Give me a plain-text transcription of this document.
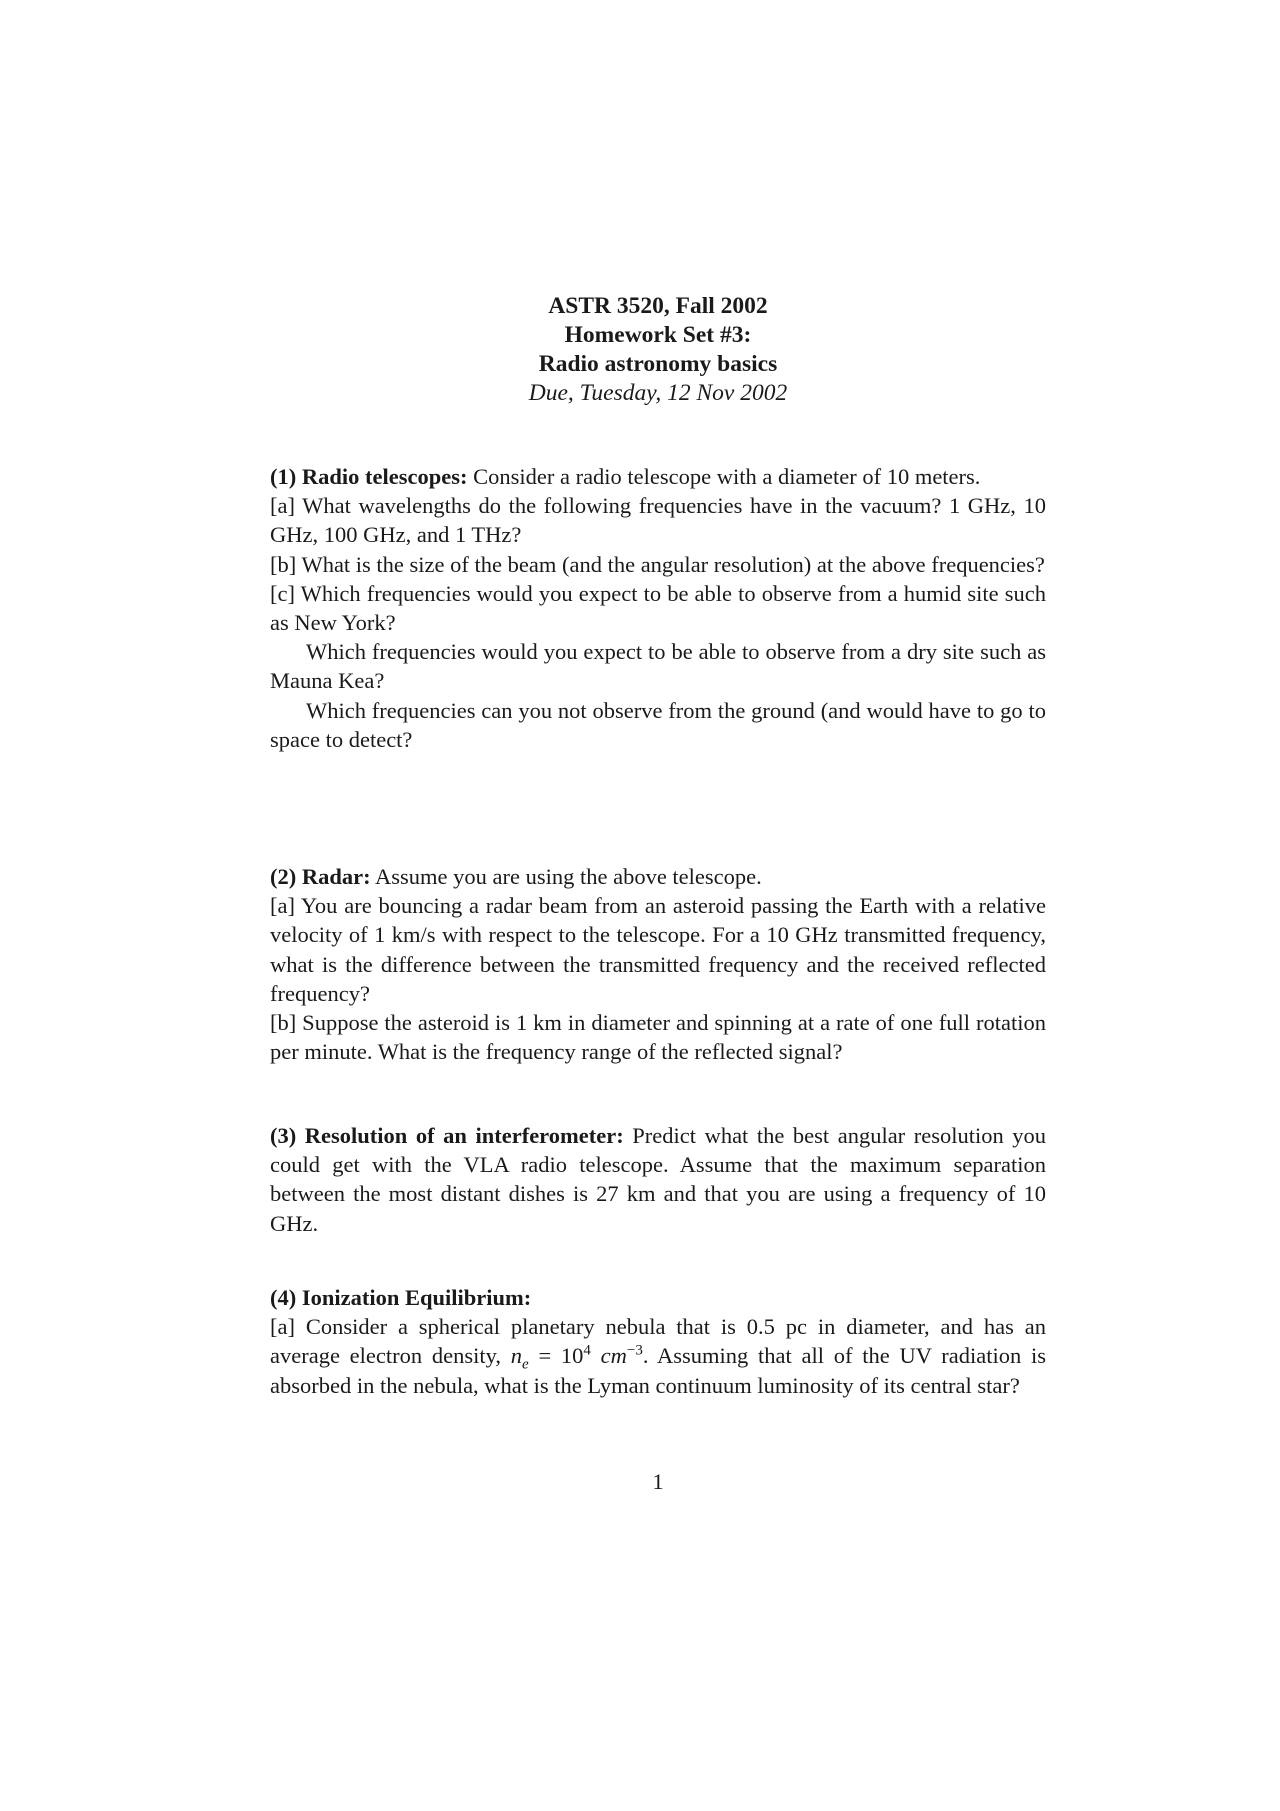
ASTR 3520, Fall 2002
Homework Set #3:
Radio astronomy basics
Due, Tuesday, 12 Nov 2002

(1) Radio telescopes: Consider a radio telescope with a diameter of 10 meters.

[a] What wavelengths do the following frequencies have in the vacuum? 1 GHz, 10 GHz, 100 GHz, and 1 THz?

[b] What is the size of the beam (and the angular resolution) at the above frequencies?

[c] Which frequencies would you expect to be able to observe from a humid site such as New York?

Which frequencies would you expect to be able to observe from a dry site such as Mauna Kea?

Which frequencies can you not observe from the ground (and would have to go to space to detect?

(2) Radar: Assume you are using the above telescope.

[a] You are bouncing a radar beam from an asteroid passing the Earth with a relative velocity of 1 km/s with respect to the telescope. For a 10 GHz transmitted frequency, what is the difference between the transmitted frequency and the received reflected frequency?

[b] Suppose the asteroid is 1 km in diameter and spinning at a rate of one full rotation per minute. What is the frequency range of the reflected signal?

(3) Resolution of an interferometer: Predict what the best angular resolution you could get with the VLA radio telescope. Assume that the maximum separation between the most distant dishes is 27 km and that you are using a frequency of 10 GHz.

(4) Ionization Equilibrium:

[a] Consider a spherical planetary nebula that is 0.5 pc in diameter, and has an average electron density, $n_e = 10^4$ $cm^{-3}$. Assuming that all of the UV radiation is absorbed in the nebula, what is the Lyman continuum luminosity of its central star?

1
